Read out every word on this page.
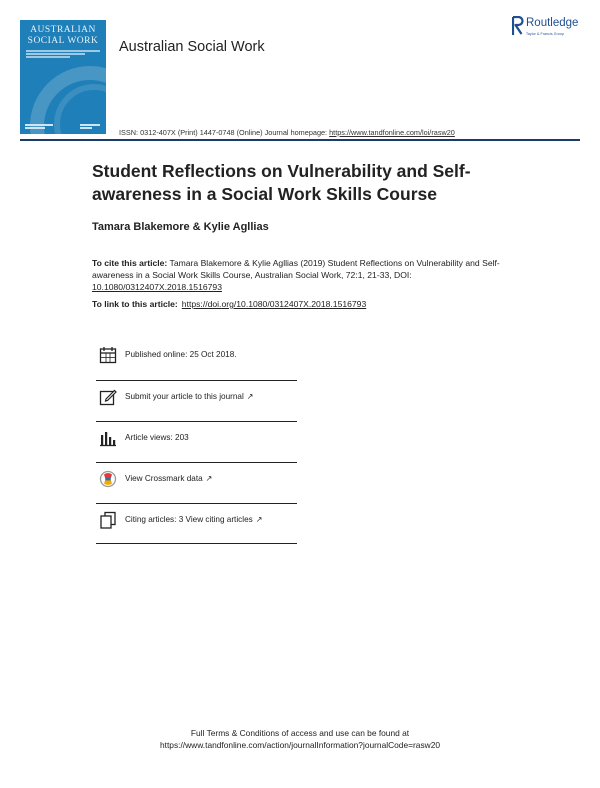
AUSTRALIAN
SOCIAL WORK	Australian Social Work
Routledge
Taylor & Francis Group
ISSN: 0312-407X (Print) 1447-0748 (Online) Journal homepage: https://www.tandfonline.com/loi/rasw20
Student Reflections on Vulnerability and Self-awareness in a Social Work Skills Course
Tamara Blakemore & Kylie Agllias
To cite this article: Tamara Blakemore & Kylie Agllias (2019) Student Reflections on Vulnerability and Self-awareness in a Social Work Skills Course, Australian Social Work, 72:1, 21-33, DOI: 10.1080/0312407X.2018.1516793
To link to this article: https://doi.org/10.1080/0312407X.2018.1516793
Published online: 25 Oct 2018.
Submit your article to this journal ↗
Article views: 203
View Crossmark data ↗
Citing articles: 3 View citing articles ↗
Full Terms & Conditions of access and use can be found at
https://www.tandfonline.com/action/journalInformation?journalCode=rasw20
